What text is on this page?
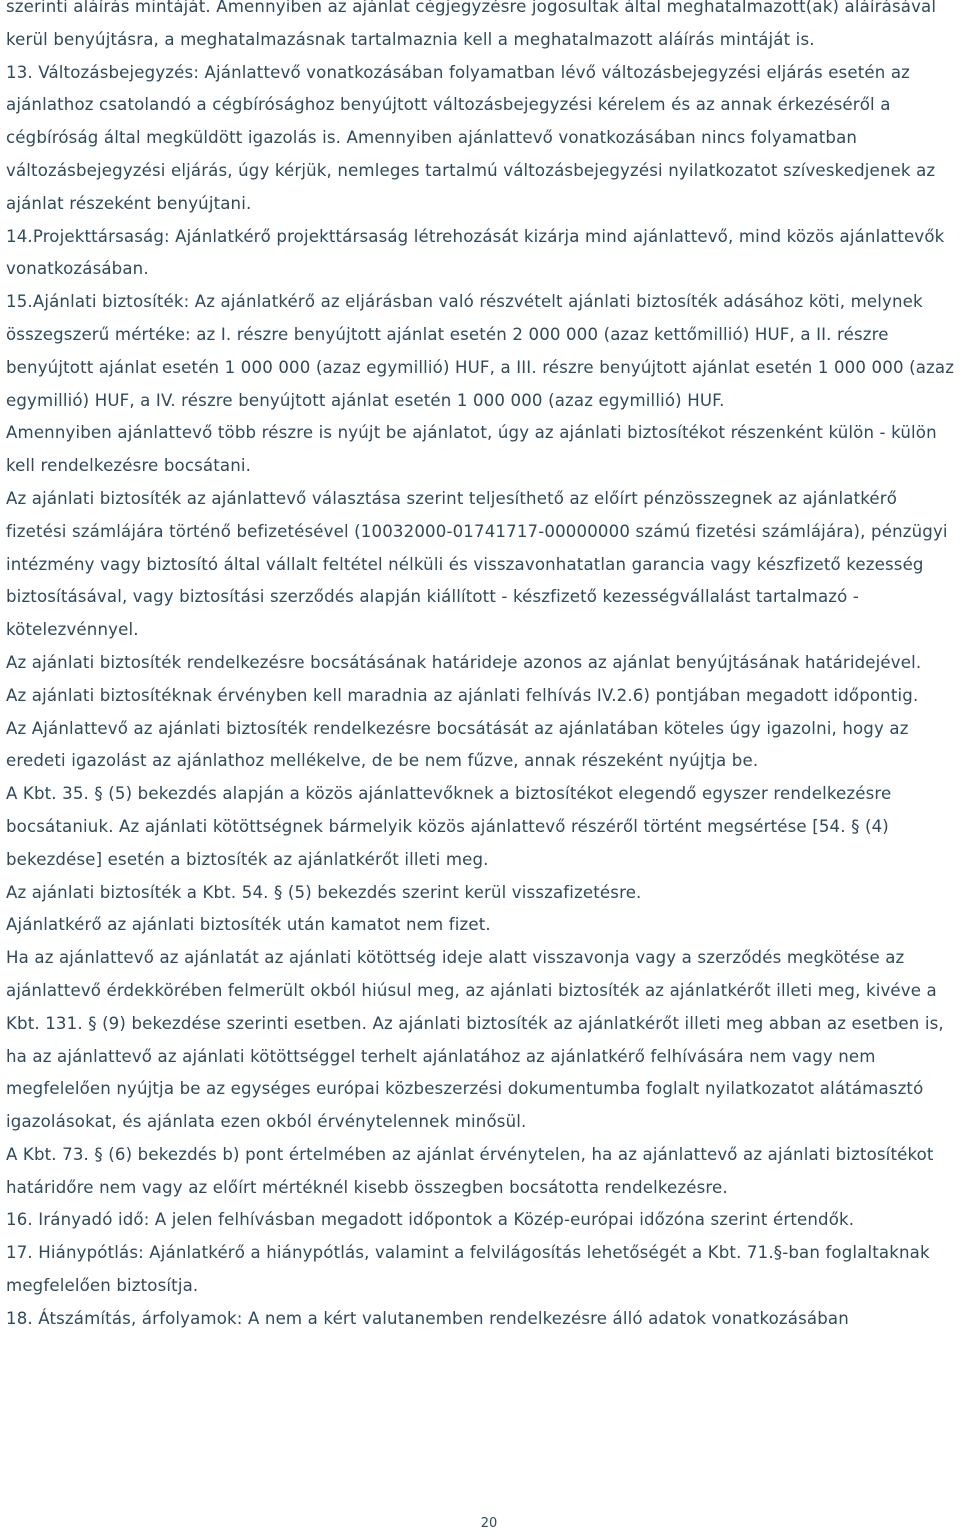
szerinti aláírás mintáját. Amennyiben az ajánlat cégjegyzésre jogosultak által meghatalmazott(ak) aláírásával kerül benyújtásra, a meghatalmazásnak tartalmaznia kell a meghatalmazott aláírás mintáját is.

13. Változásbejegyzés: Ajánlattevő vonatkozásában folyamatban lévő változásbejegyzési eljárás esetén az ajánlathoz csatolandó a cégbírósághoz benyújtott változásbejegyzési kérelem és az annak érkezéséről a cégbíróság által megküldött igazolás is. Amennyiben ajánlattevő vonatkozásában nincs folyamatban változásbejegyzési eljárás, úgy kérjük, nemleges tartalmú változásbejegyzési nyilatkozatot szíveskedjenek az ajánlat részeként benyújtani.

14.Projekttársaság: Ajánlatkérő projekttársaság létrehozását kizárja mind ajánlattevő, mind közös ajánlattevők vonatkozásában.

15.Ajánlati biztosíték: Az ajánlatkérő az eljárásban való részvételt ajánlati biztosíték adásához köti, melynek összegszerű mértéke: az I. részre benyújtott ajánlat esetén 2 000 000 (azaz kettőmillió) HUF, a II. részre benyújtott ajánlat esetén 1 000 000 (azaz egymillió) HUF, a III. részre benyújtott ajánlat esetén 1 000 000 (azaz egymillió) HUF, a IV. részre benyújtott ajánlat esetén 1 000 000 (azaz egymillió) HUF.

Amennyiben ajánlattevő több részre is nyújt be ajánlatot, úgy az ajánlati biztosítékot részenként külön - külön kell rendelkezésre bocsátani.

Az ajánlati biztosíték az ajánlattevő választása szerint teljesíthető az előírt pénzösszegnek az ajánlatkérő fizetési számlájára történő befizetésével (10032000-01741717-00000000 számú fizetési számlájára), pénzügyi intézmény vagy biztosító által vállalt feltétel nélküli és visszavonhatatlan garancia vagy készfizető kezesség biztosításával, vagy biztosítási szerződés alapján kiállított - készfizető kezességvállalást tartalmazó - kötelezvénnyel.

Az ajánlati biztosíték rendelkezésre bocsátásának határideje azonos az ajánlat benyújtásának határidejével.

Az ajánlati biztosítéknak érvényben kell maradnia az ajánlati felhívás IV.2.6) pontjában megadott időpontig.

Az Ajánlattevő az ajánlati biztosíték rendelkezésre bocsátását az ajánlatában köteles úgy igazolni, hogy az eredeti igazolást az ajánlathoz mellékelve, de be nem fűzve, annak részeként nyújtja be.

A Kbt. 35. § (5) bekezdés alapján a közös ajánlattevőknek a biztosítékot elegendő egyszer rendelkezésre bocsátaniuk. Az ajánlati kötöttségnek bármelyik közös ajánlattevő részéről történt megsértése [54. § (4) bekezdése] esetén a biztosíték az ajánlatkérőt illeti meg.

Az ajánlati biztosíték a Kbt. 54. § (5) bekezdés szerint kerül visszafizetésre.

Ajánlatkérő az ajánlati biztosíték után kamatot nem fizet.

Ha az ajánlattevő az ajánlatát az ajánlati kötöttség ideje alatt visszavonja vagy a szerződés megkötése az ajánlattevő érdekkörében felmerült okból hiúsul meg, az ajánlati biztosíték az ajánlatkérőt illeti meg, kivéve a Kbt. 131. § (9) bekezdése szerinti esetben. Az ajánlati biztosíték az ajánlatkérőt illeti meg abban az esetben is, ha az ajánlattevő az ajánlati kötöttséggel terhelt ajánlatához az ajánlatkérő felhívására nem vagy nem megfelelően nyújtja be az egységes európai közbeszerzési dokumentumba foglalt nyilatkozatot alátámasztó igazolásokat, és ajánlata ezen okból érvénytelennek minősül.

A Kbt. 73. § (6) bekezdés b) pont értelmében az ajánlat érvénytelen, ha az ajánlattevő az ajánlati biztosítékot határidőre nem vagy az előírt mértéknél kisebb összegben bocsátotta rendelkezésre.

16. Irányadó idő: A jelen felhívásban megadott időpontok a Közép-európai időzóna szerint értendők.

17. Hiánypótlás: Ajánlatkérő a hiánypótlás, valamint a felvilágosítás lehetőségét a Kbt. 71.§-ban foglaltaknak megfelelően biztosítja.

18. Átszámítás, árfolyamok: A nem a kért valutanemben rendelkezésre álló adatok vonatkozásában

20
